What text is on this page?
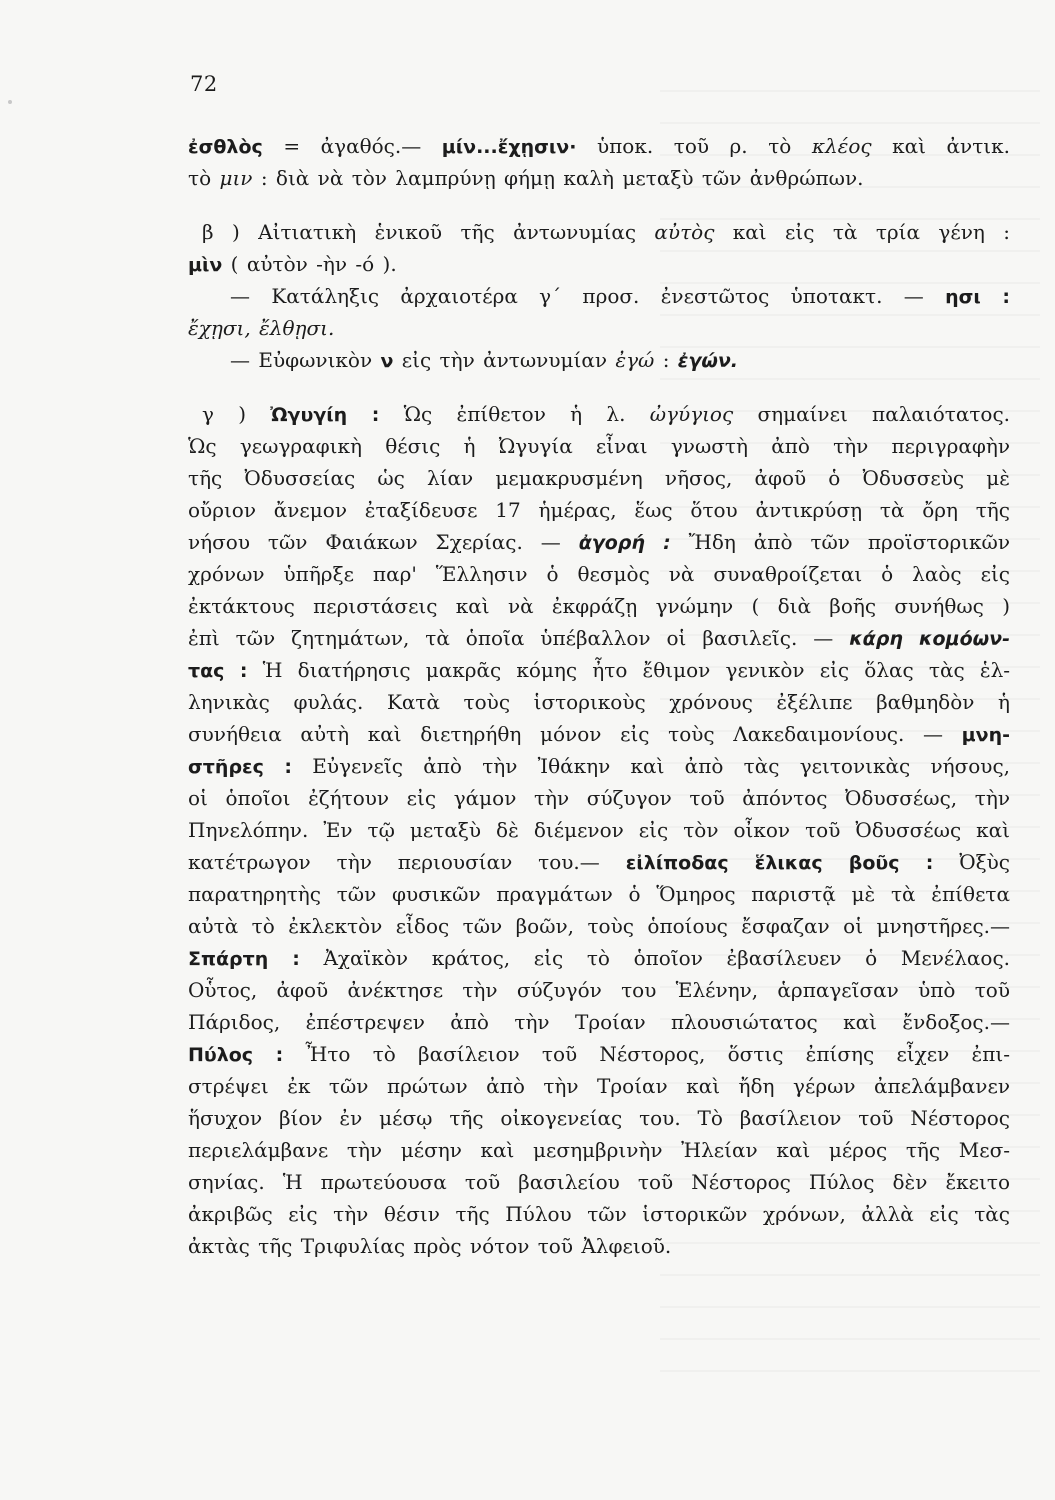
72
ἐσθλὸς = ἀγαθός.— μίν...ἔχῃσιν· ὑποκ. τοῦ ρ. τὸ κλέος καὶ ἀντικ.
τὸ μιν : διὰ νὰ τὸν λαμπρύνῃ φήμῃ καλὴ μεταξὺ τῶν ἀνθρώπων.
β ) Αἰτιατικὴ ἑνικοῦ τῆς ἀντωνυμίας αὐτὸς καὶ εἰς τὰ τρία γένη :
μὶν ( αὐτὸν -ὴν -ό ).
— Κατάληξις ἀρχαιοτέρα γ΄ προσ. ἐνεστῶτος ὑποτακτ. — ησι :
ἔχῃσι, ἔλθῃσι.
— Εὐφωνικὸν ν εἰς τὴν ἀντωνυμίαν ἐγώ : ἐγών.
γ ) Ὠγυγίη : Ὡς ἐπίθετον ἡ λ. ὠγύγιος σημαίνει παλαιότατος.
Ὡς γεωγραφικὴ θέσις ἡ Ὠγυγία εἶναι γνωστὴ ἀπὸ τὴν περιγραφὴν
τῆς Ὀδυσσείας ὡς λίαν μεμακρυσμένη νῆσος, ἀφοῦ ὁ Ὀδυσσεὺς μὲ
οὔριον ἄνεμον ἐταξίδευσε 17 ἡμέρας, ἕως ὅτου ἀντικρύσῃ τὰ ὄρη τῆς
νήσου τῶν Φαιάκων Σχερίας. — ἀγορή : Ἤδη ἀπὸ τῶν προϊστορικῶν
χρόνων ὑπῆρξε παρ' Ἕλλησιν ὁ θεσμὸς νὰ συναθροίζεται ὁ λαὸς εἰς
ἐκτάκτους περιστάσεις καὶ νὰ ἐκφράζῃ γνώμην ( διὰ βοῆς συνήθως )
ἐπὶ τῶν ζητημάτων, τὰ ὁποῖα ὑπέβαλλον οἱ βασιλεῖς. — κάρη κομόων-
τας : Ἡ διατήρησις μακρᾶς κόμης ἦτο ἔθιμον γενικὸν εἰς ὅλας τὰς ἑλ-
ληνικὰς φυλάς. Κατὰ τοὺς ἱστορικοὺς χρόνους ἐξέλιπε βαθμηδὸν ἡ
συνήθεια αὐτὴ καὶ διετηρήθη μόνον εἰς τοὺς Λακεδαιμονίους. — μνη-
στῆρες : Εὐγενεῖς ἀπὸ τὴν Ἰθάκην καὶ ἀπὸ τὰς γειτονικὰς νήσους,
οἱ ὁποῖοι ἐζήτουν εἰς γάμον τὴν σύζυγον τοῦ ἀπόντος Ὀδυσσέως, τὴν
Πηνελόπην. Ἐν τῷ μεταξὺ δὲ διέμενον εἰς τὸν οἶκον τοῦ Ὀδυσσέως καὶ
κατέτρωγον τὴν περιουσίαν του.— εἰλίποδας ἕλικας βοῦς : Ὀξὺς
παρατηρητὴς τῶν φυσικῶν πραγμάτων ὁ Ὅμηρος παριστᾷ μὲ τὰ ἐπίθετα
αὐτὰ τὸ ἐκλεκτὸν εἶδος τῶν βοῶν, τοὺς ὁποίους ἔσφαζαν οἱ μνηστῆρες.—
Σπάρτη : Ἀχαϊκὸν κράτος, εἰς τὸ ὁποῖον ἐβασίλευεν ὁ Μενέλαος.
Οὗτος, ἀφοῦ ἀνέκτησε τὴν σύζυγόν του Ἑλένην, ἁρπαγεῖσαν ὑπὸ τοῦ
Πάριδος, ἐπέστρεψεν ἀπὸ τὴν Τροίαν πλουσιώτατος καὶ ἔνδοξος.—
Πύλος : Ἦτο τὸ βασίλειον τοῦ Νέστορος, ὅστις ἐπίσης εἶχεν ἐπι-
στρέψει ἐκ τῶν πρώτων ἀπὸ τὴν Τροίαν καὶ ἤδη γέρων ἀπελάμβανεν
ἥσυχον βίον ἐν μέσῳ τῆς οἰκογενείας του. Τὸ βασίλειον τοῦ Νέστορος
περιελάμβανε τὴν μέσην καὶ μεσημβρινὴν Ἠλείαν καὶ μέρος τῆς Μεσ-
σηνίας. Ἡ πρωτεύουσα τοῦ βασιλείου τοῦ Νέστορος Πύλος δὲν ἔκειτο
ἀκριβῶς εἰς τὴν θέσιν τῆς Πύλου τῶν ἱστορικῶν χρόνων, ἀλλὰ εἰς τὰς
ἀκτὰς τῆς Τριφυλίας πρὸς νότον τοῦ Ἀλφειοῦ.
